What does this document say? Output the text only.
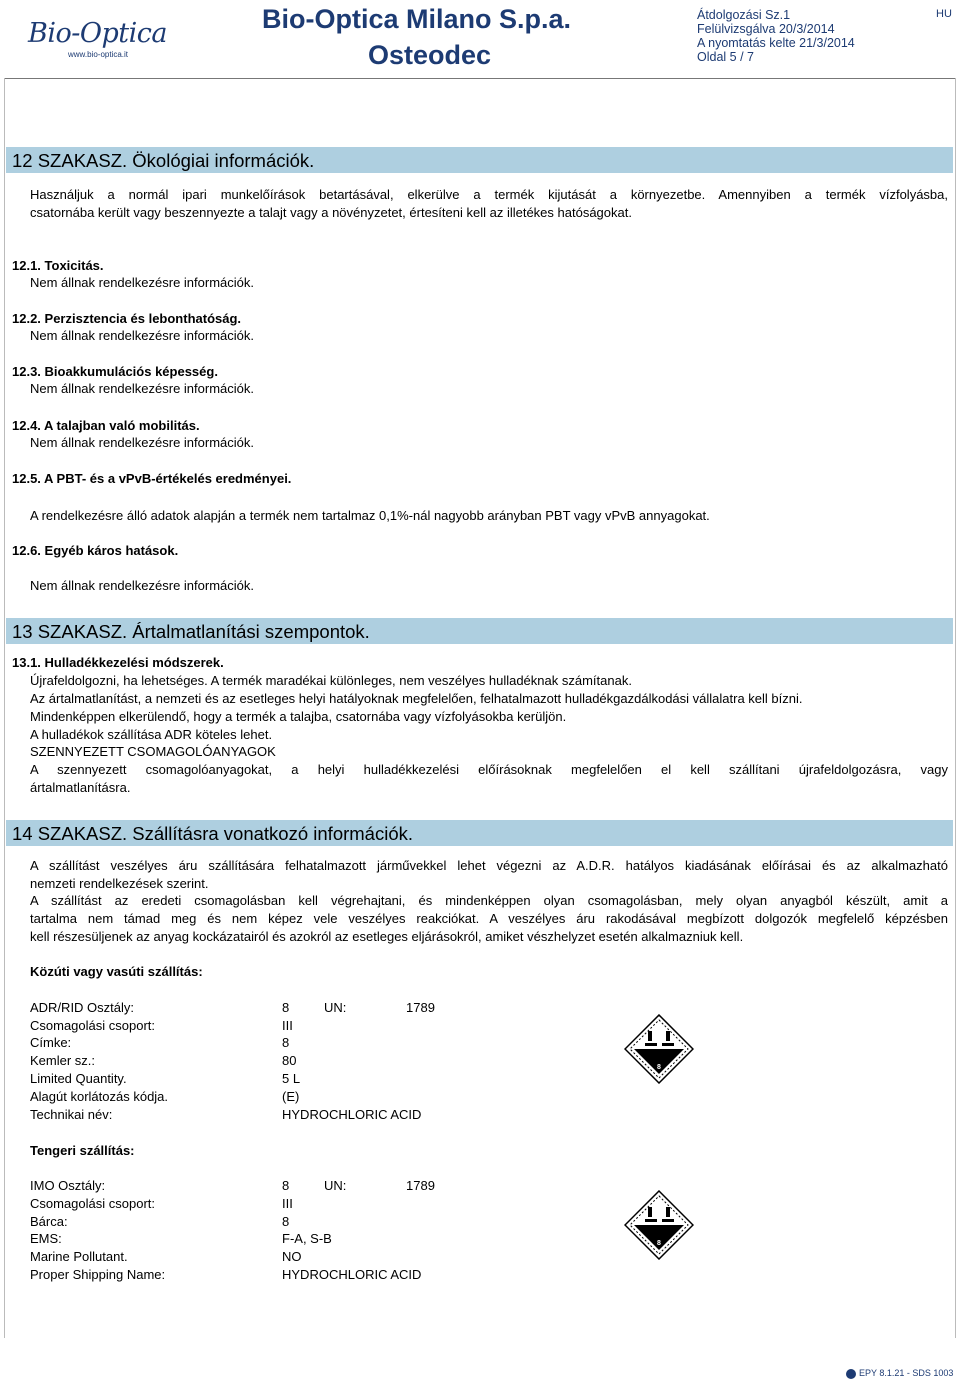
Bio-Optica
www.bio-optica.it
Bio-Optica Milano S.p.a.
Osteodec
Átdolgozási Sz.1
Felülvizsgálva 20/3/2014
A nyomtatás kelte 21/3/2014
Oldal 5 / 7
HU
12 SZAKASZ. Ökológiai információk.
Használjuk a normál ipari munkelőírások betartásával, elkerülve a termék kijutását a környezetbe. Amennyiben a termék vízfolyásba,
csatornába került vagy beszennyezte a talajt vagy a növényzetet, értesíteni kell az illetékes hatóságokat.
12.1. Toxicitás.
Nem állnak rendelkezésre információk.
12.2. Perzisztencia és lebonthatóság.
Nem állnak rendelkezésre információk.
12.3. Bioakkumulációs képesség.
Nem állnak rendelkezésre információk.
12.4. A talajban való mobilitás.
Nem állnak rendelkezésre információk.
12.5. A PBT- és a vPvB-értékelés eredményei.
A rendelkezésre álló adatok alapján a termék nem tartalmaz 0,1%-nál nagyobb arányban PBT vagy vPvB annyagokat.
12.6. Egyéb káros hatások.
Nem állnak rendelkezésre információk.
13 SZAKASZ. Ártalmatlanítási szempontok.
13.1. Hulladékkezelési módszerek.
Újrafeldolgozni, ha lehetséges. A termék maradékai különleges, nem veszélyes hulladéknak számítanak.
Az ártalmatlanítást, a nemzeti és az esetleges helyi hatályoknak megfelelően, felhatalmazott hulladékgazdálkodási vállalatra kell bízni.
Mindenképpen elkerülendő, hogy a termék a talajba, csatornába vagy vízfolyásokba kerüljön.
A hulladékok szállítása ADR köteles lehet.
SZENNYEZETT CSOMAGOLÓANYAGOK
A szennyezett csomagolóanyagokat, a helyi hulladékkezelési előírásoknak megfelelően el kell szállítani újrafeldolgozásra, vagy
ártalmatlanításra.
14 SZAKASZ. Szállításra vonatkozó információk.
A szállítást veszélyes áru szállítására felhatalmazott járművekkel lehet végezni az A.D.R. hatályos kiadásának előírásai és az alkalmazható
nemzeti rendelkezések szerint.
A szállítást az eredeti csomagolásban kell végrehajtani, és mindenképpen olyan csomagolásban, mely olyan anyagból készült, amit a
tartalma nem támad meg és nem képez vele veszélyes reakciókat. A veszélyes áru rakodásával megbízott dolgozók megfelelő képzésben
kell részesüljenek az anyag kockázatairól és azokról az esetleges eljárásokról, amiket vészhelyzet esetén alkalmazniuk kell.
Közúti vagy vasúti szállítás:
ADR/RID Osztály:	8	UN:	1789
Csomagolási csoport:	III
Címke:	8
Kemler sz.:	80
Limited Quantity.	5 L
Alagút korlátozás kódja.	(E)
Technikai név:	HYDROCHLORIC ACID
8
Tengeri szállítás:
IMO Osztály:	8	UN:	1789
Csomagolási csoport:	III
Bárca:	8
EMS:	F-A, S-B
Marine Pollutant.	NO
Proper Shipping Name:	HYDROCHLORIC ACID
8
EPY 8.1.21 - SDS 1003
